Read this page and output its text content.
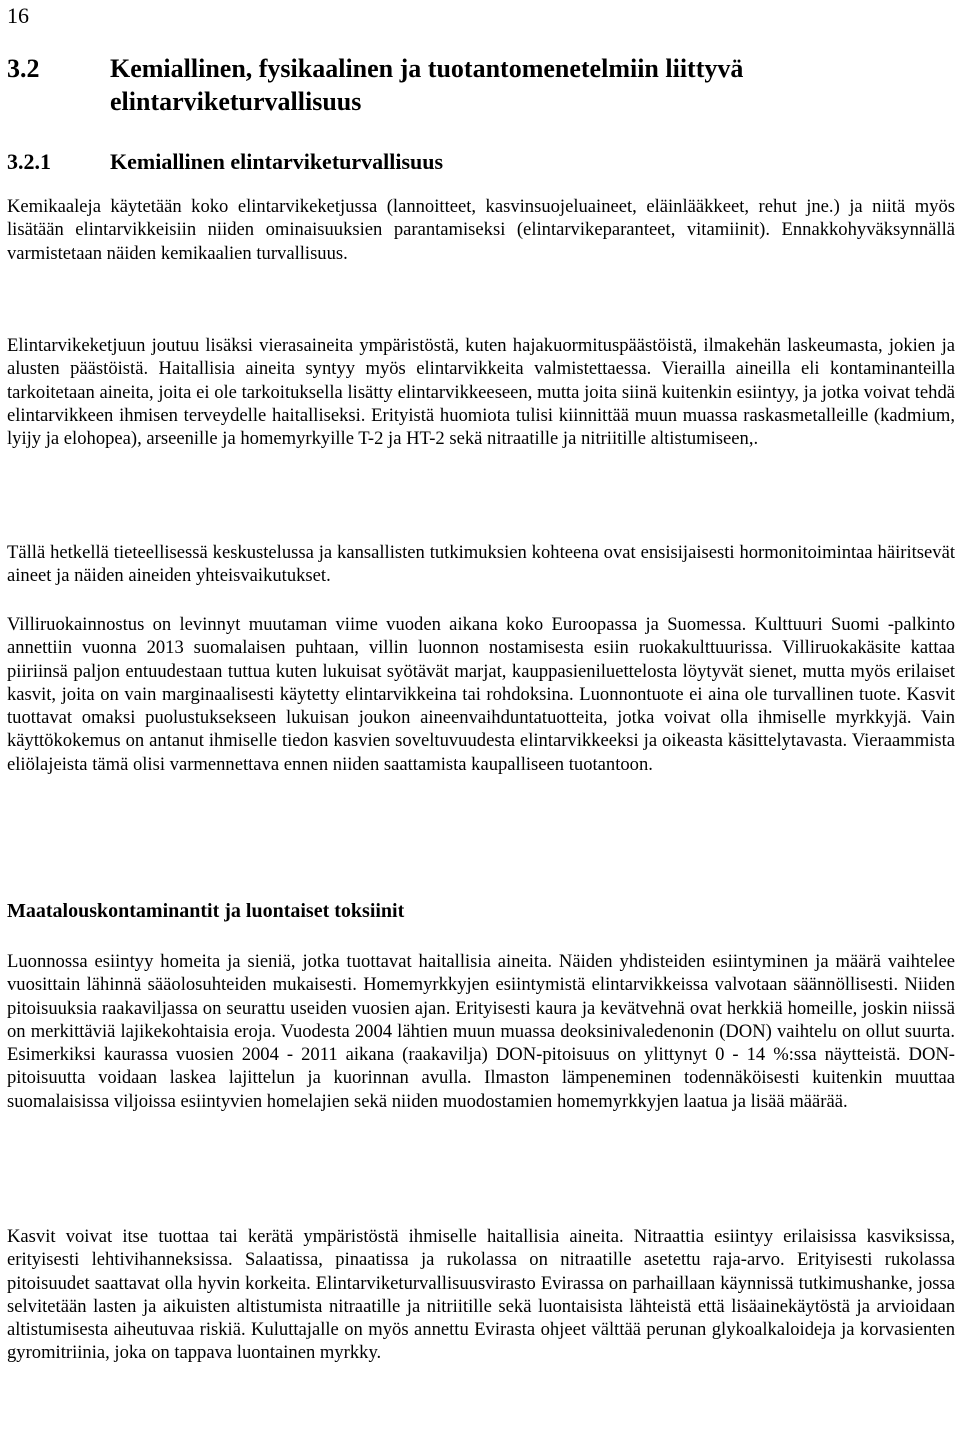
16
3.2	Kemiallinen, fysikaalinen ja tuotantomenetelmiin liittyvä elintarviketurvallisuus
3.2.1	Kemiallinen elintarviketurvallisuus
Kemikaaleja käytetään koko elintarvikeketjussa (lannoitteet, kasvinsuojeluaineet, eläinlääkkeet, rehut jne.) ja niitä myös lisätään elintarvikkeisiin niiden ominaisuuksien parantamiseksi (elintarvikeparanteet, vitamiinit). Ennakkohyväksynnällä varmistetaan näiden kemikaalien turvallisuus.
Elintarvikeketjuun joutuu lisäksi vierasaineita ympäristöstä, kuten hajakuormituspäästöistä, ilmakehän laskeumasta, jokien ja alusten päästöistä. Haitallisia aineita syntyy myös elintarvikkeita valmistettaessa. Vierailla aineilla eli kontaminanteilla tarkoitetaan aineita, joita ei ole tarkoituksella lisätty elintarvikkeeseen, mutta joita siinä kuitenkin esiintyy, ja jotka voivat tehdä elintarvikkeen ihmisen terveydelle haitalliseksi. Erityistä huomiota tulisi kiinnittää muun muassa raskasmetalleille (kadmium, lyijy ja elohopea), arseenille ja homemyrkyille T-2 ja HT-2 sekä nitraatille ja nitriitille altistumiseen,.
Tällä hetkellä tieteellisessä keskustelussa ja kansallisten tutkimuksien kohteena ovat ensisijaisesti hormonitoimintaa häiritsevät aineet ja näiden aineiden yhteisvaikutukset.
Villiruokainnostus on levinnyt muutaman viime vuoden aikana koko Euroopassa ja Suomessa. Kulttuuri Suomi -palkinto annettiin vuonna 2013 suomalaisen puhtaan, villin luonnon nostamisesta esiin ruokakulttuurissa. Villiruokakäsite kattaa piiriinsä paljon entuudestaan tuttua kuten lukuisat syötävät marjat, kauppasieniluettelosta löytyvät sienet, mutta myös erilaiset kasvit, joita on vain marginaalisesti käytetty elintarvikkeina tai rohdoksina. Luonnontuote ei aina ole turvallinen tuote. Kasvit tuottavat omaksi puolustuksekseen lukuisan joukon aineenvaihduntatuotteita, jotka voivat olla ihmiselle myrkkyjä. Vain käyttökokemus on antanut ihmiselle tiedon kasvien soveltuvuudesta elintarvikkeeksi ja oikeasta käsittelytavasta. Vieraammista eliölajeista tämä olisi varmennettava ennen niiden saattamista kaupalliseen tuotantoon.
Maatalouskontaminantit ja luontaiset toksiinit
Luonnossa esiintyy homeita ja sieniä, jotka tuottavat haitallisia aineita. Näiden yhdisteiden esiintyminen ja määrä vaihtelee vuosittain lähinnä sääolosuhteiden mukaisesti. Homemyrkkyjen esiintymistä elintarvikkeissa valvotaan säännöllisesti. Niiden pitoisuuksia raakaviljassa on seurattu useiden vuosien ajan. Erityisesti kaura ja kevätvehnä ovat herkkiä homeille, joskin niissä on merkittäviä lajikekohtaisia eroja. Vuodesta 2004 lähtien muun muassa deoksinivaledenonin (DON) vaihtelu on ollut suurta. Esimerkiksi kaurassa vuosien 2004 - 2011 aikana (raakavilja) DON-pitoisuus on ylittynyt 0 - 14 %:ssa näytteistä. DON-pitoisuutta voidaan laskea lajittelun ja kuorinnan avulla. Ilmaston lämpeneminen todennäköisesti kuitenkin muuttaa suomalaisissa viljoissa esiintyvien homelajien sekä niiden muodostamien homemyrkkyjen laatua ja lisää määrää.
Kasvit voivat itse tuottaa tai kerätä ympäristöstä ihmiselle haitallisia aineita. Nitraattia esiintyy erilaisissa kasviksissa, erityisesti lehtivihanneksissa. Salaatissa, pinaatissa ja rukolassa on nitraatille asetettu raja-arvo. Erityisesti rukolassa pitoisuudet saattavat olla hyvin korkeita. Elintarviketurvallisuusvirasto Evirassa on parhaillaan käynnissä tutkimushanke, jossa selvitetään lasten ja aikuisten altistumista nitraatille ja nitriitille sekä luontaisista lähteistä että lisäainekäytöstä ja arvioidaan altistumisesta aiheutuvaa riskiä. Kuluttajalle on myös annettu Evirasta ohjeet välttää perunan glykoalkaloideja ja korvasienten gyromitriinia, joka on tappava luontainen myrkky.
